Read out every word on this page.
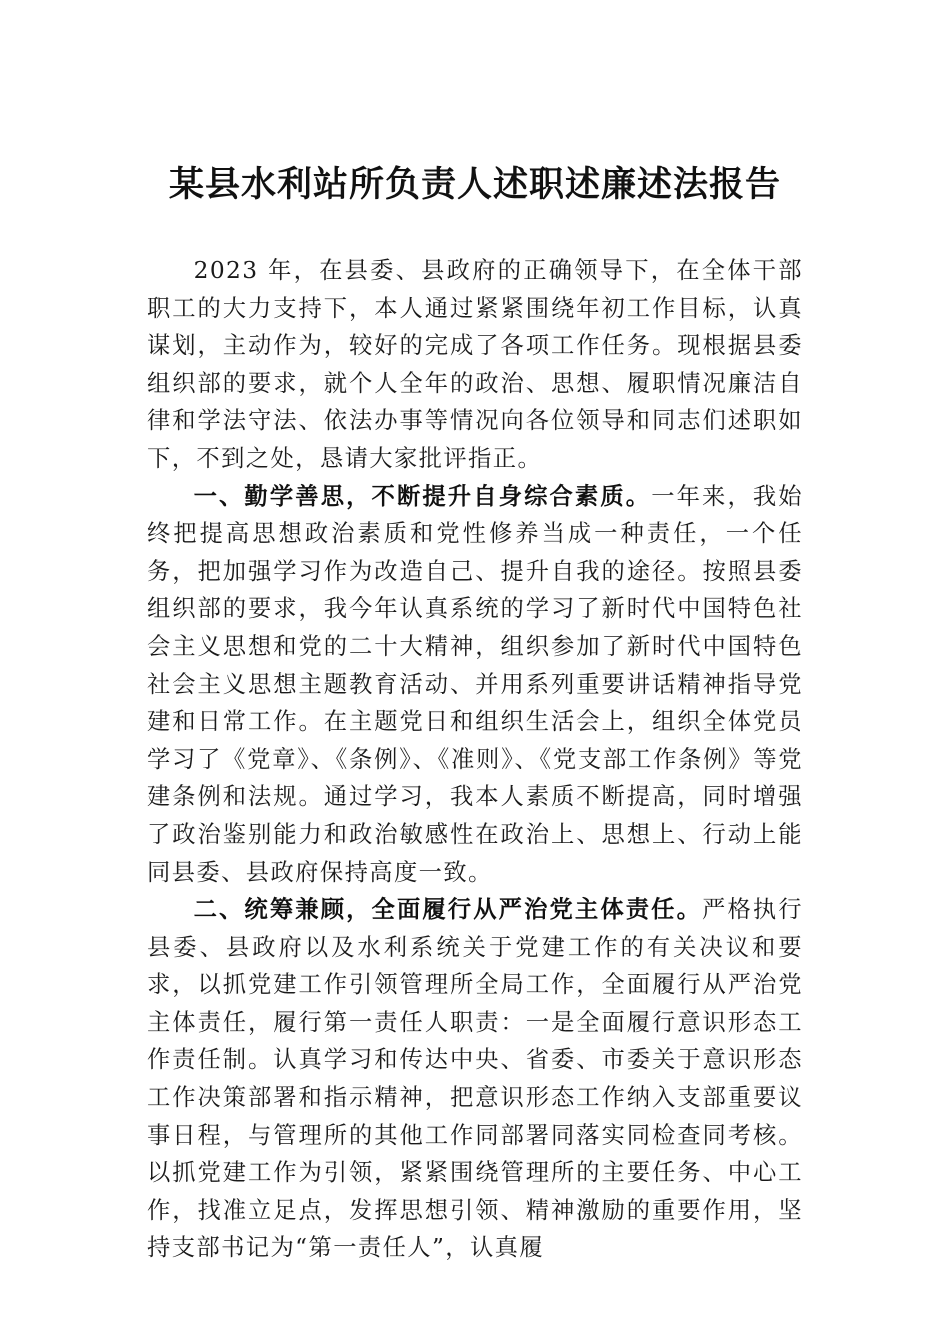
某县水利站所负责人述职述廉述法报告

2023 年，在县委、县政府的正确领导下，在全体干部职工的大力支持下，本人通过紧紧围绕年初工作目标，认真谋划，主动作为，较好的完成了各项工作任务。现根据县委组织部的要求，就个人全年的政治、思想、履职情况廉洁自律和学法守法、依法办事等情况向各位领导和同志们述职如下，不到之处，恳请大家批评指正。

一、勤学善思，不断提升自身综合素质。一年来，我始终把提高思想政治素质和党性修养当成一种责任，一个任务，把加强学习作为改造自己、提升自我的途径。按照县委组织部的要求，我今年认真系统的学习了新时代中国特色社会主义思想和党的二十大精神，组织参加了新时代中国特色社会主义思想主题教育活动、并用系列重要讲话精神指导党建和日常工作。在主题党日和组织生活会上，组织全体党员学习了《党章》、《条例》、《准则》、《党支部工作条例》等党建条例和法规。通过学习，我本人素质不断提高，同时增强了政治鉴别能力和政治敏感性在政治上、思想上、行动上能同县委、县政府保持高度一致。

二、统筹兼顾，全面履行从严治党主体责任。严格执行县委、县政府以及水利系统关于党建工作的有关决议和要求，以抓党建工作引领管理所全局工作，全面履行从严治党主体责任，履行第一责任人职责：一是全面履行意识形态工作责任制。认真学习和传达中央、省委、市委关于意识形态工作决策部署和指示精神，把意识形态工作纳入支部重要议事日程，与管理所的其他工作同部署同落实同检查同考核。以抓党建工作为引领，紧紧围绕管理所的主要任务、中心工作，找准立足点，发挥思想引领、精神激励的重要作用，坚持支部书记为“第一责任人”，认真履
